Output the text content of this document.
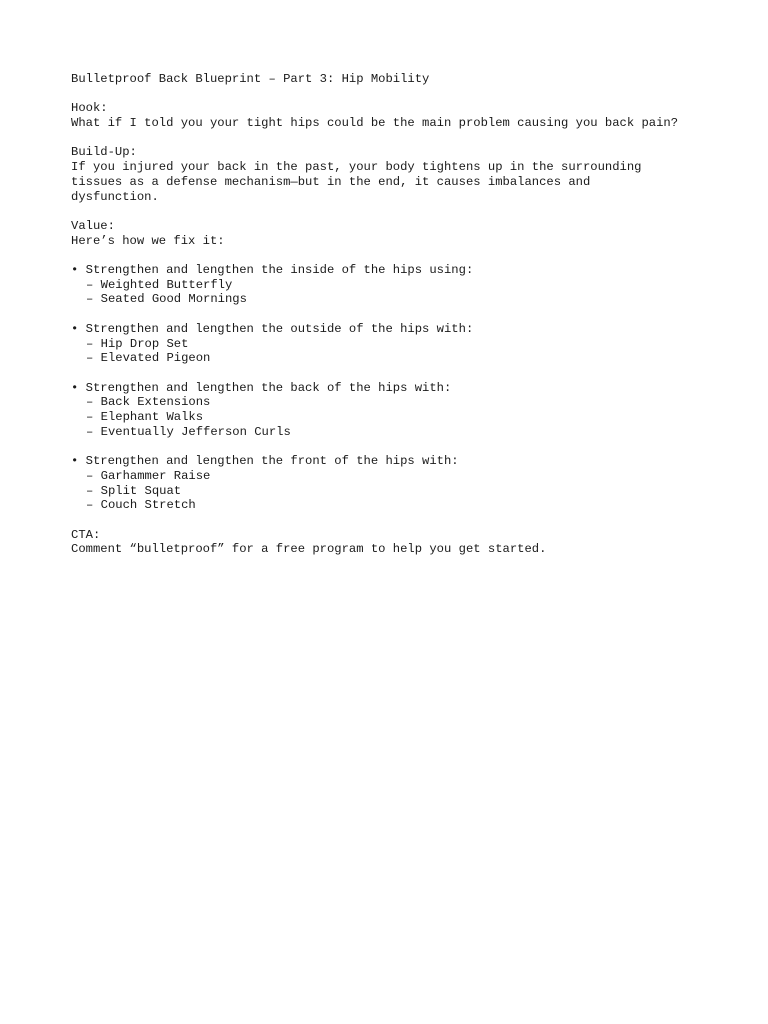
Bulletproof Back Blueprint – Part 3: Hip Mobility
Hook:
What if I told you your tight hips could be the main problem causing you back pain?
Build-Up:
If you injured your back in the past, your body tightens up in the surrounding
tissues as a defense mechanism—but in the end, it causes imbalances and
dysfunction.
Value:
Here’s how we fix it:
• Strengthen and lengthen the inside of the hips using:
– Weighted Butterfly
– Seated Good Mornings
• Strengthen and lengthen the outside of the hips with:
– Hip Drop Set
– Elevated Pigeon
• Strengthen and lengthen the back of the hips with:
– Back Extensions
– Elephant Walks
– Eventually Jefferson Curls
• Strengthen and lengthen the front of the hips with:
– Garhammer Raise
– Split Squat
– Couch Stretch
CTA:
Comment “bulletproof” for a free program to help you get started.
